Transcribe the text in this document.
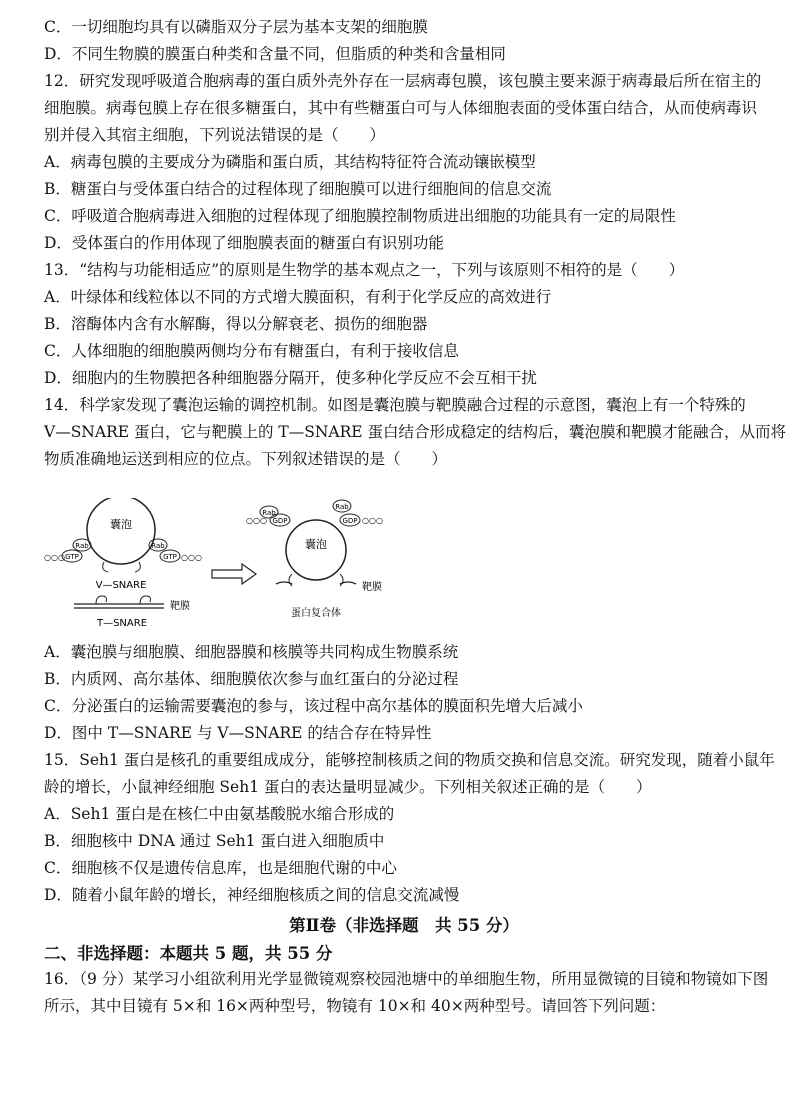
C．一切细胞均具有以磷脂双分子层为基本支架的细胞膜
D．不同生物膜的膜蛋白种类和含量不同，但脂质的种类和含量相同
12．研究发现呼吸道合胞病毒的蛋白质外壳外存在一层病毒包膜，该包膜主要来源于病毒最后所在宿主的
细胞膜。病毒包膜上存在很多糖蛋白，其中有些糖蛋白可与人体细胞表面的受体蛋白结合，从而使病毒识
别并侵入其宿主细胞，下列说法错误的是（　　）
A．病毒包膜的主要成分为磷脂和蛋白质，其结构特征符合流动镶嵌模型
B．糖蛋白与受体蛋白结合的过程体现了细胞膜可以进行细胞间的信息交流
C．呼吸道合胞病毒进入细胞的过程体现了细胞膜控制物质进出细胞的功能具有一定的局限性
D．受体蛋白的作用体现了细胞膜表面的糖蛋白有识别功能
13．“结构与功能相适应”的原则是生物学的基本观点之一，下列与该原则不相符的是（　　）
A．叶绿体和线粒体以不同的方式增大膜面积，有利于化学反应的高效进行
B．溶酶体内含有水解酶，得以分解衰老、损伤的细胞器
C．人体细胞的细胞膜两侧均分布有糖蛋白，有利于接收信息
D．细胞内的生物膜把各种细胞器分隔开，使多种化学反应不会互相干扰
14．科学家发现了囊泡运输的调控机制。如图是囊泡膜与靶膜融合过程的示意图，囊泡上有一个特殊的
V—SNARE 蛋白，它与靶膜上的 T—SNARE 蛋白结合形成稳定的结构后，囊泡膜和靶膜才能融合，从而将
物质准确地运送到相应的位点。下列叙述错误的是（　　）
囊泡
GTP
Rab
○○○	GTP
Rab
○○○
V—SNARE
靶膜
T—SNARE
囊泡
GDP
Rab
○○○	GDP
Rab
○○○
靶膜
蛋白复合体
A．囊泡膜与细胞膜、细胞器膜和核膜等共同构成生物膜系统
B．内质网、高尔基体、细胞膜依次参与血红蛋白的分泌过程
C．分泌蛋白的运输需要囊泡的参与，该过程中高尔基体的膜面积先增大后减小
D．图中 T—SNARE 与 V—SNARE 的结合存在特异性
15．Seh1 蛋白是核孔的重要组成成分，能够控制核质之间的物质交换和信息交流。研究发现，随着小鼠年
龄的增长，小鼠神经细胞 Seh1 蛋白的表达量明显减少。下列相关叙述正确的是（　　）
A．Seh1 蛋白是在核仁中由氨基酸脱水缩合形成的
B．细胞核中 DNA 通过 Seh1 蛋白进入细胞质中
C．细胞核不仅是遗传信息库，也是细胞代谢的中心
D．随着小鼠年龄的增长，神经细胞核质之间的信息交流减慢
第Ⅱ卷（非选择题　共 55 分）
二、非选择题：本题共 5 题，共 55 分
16．（9 分）某学习小组欲利用光学显微镜观察校园池塘中的单细胞生物，所用显微镜的目镜和物镜如下图
所示，其中目镜有 5×和 16×两种型号，物镜有 10×和 40×两种型号。请回答下列问题：
